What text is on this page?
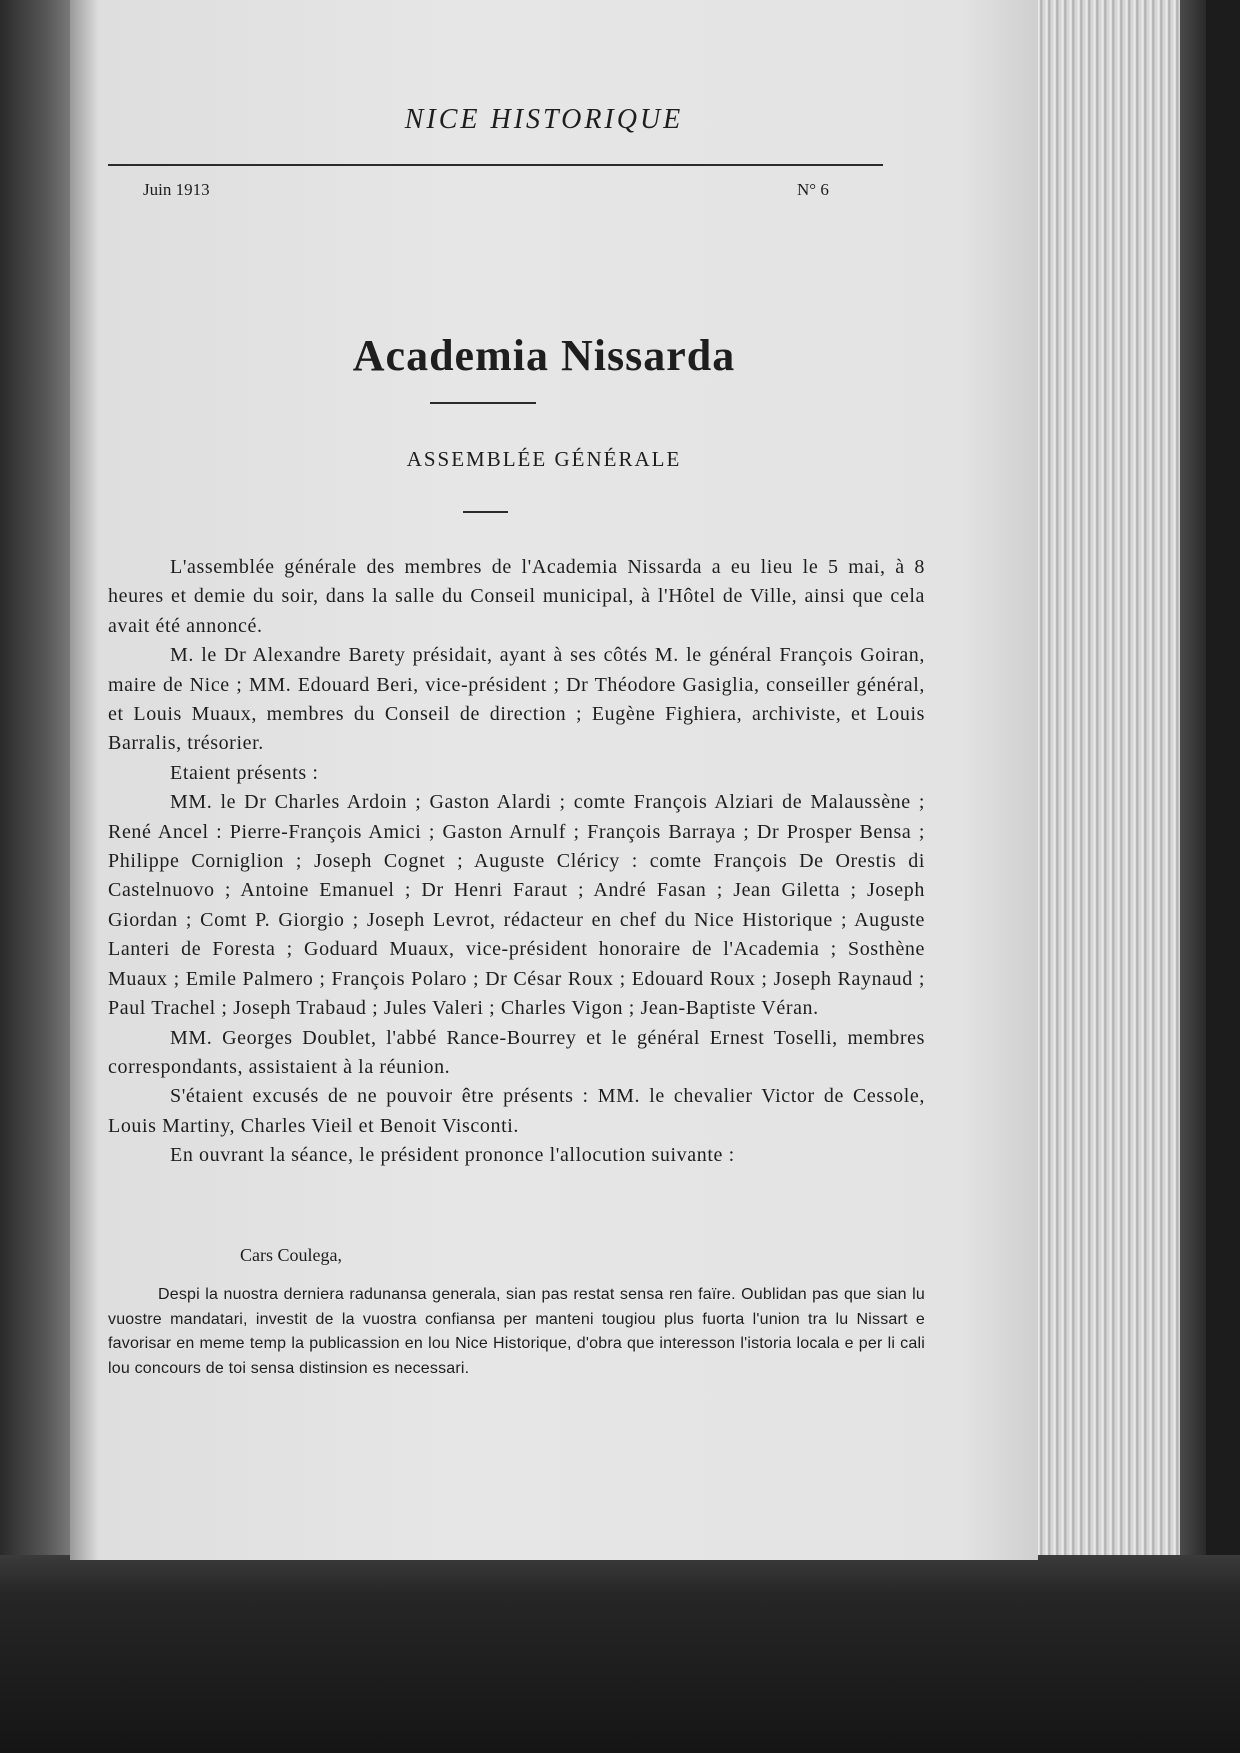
NICE HISTORIQUE
Juin 1913	N° 6
Academia Nissarda
ASSEMBLÉE GÉNÉRALE

L'assemblée générale des membres de l'Academia Nissarda a eu lieu le 5 mai, à 8 heures et demie du soir, dans la salle du Conseil municipal, à l'Hôtel de Ville, ainsi que cela avait été annoncé.

M. le Dr Alexandre Barety présidait, ayant à ses côtés M. le général François Goiran, maire de Nice ; MM. Edouard Beri, vice-président ; Dr Théodore Gasiglia, conseiller général, et Louis Muaux, membres du Conseil de direction ; Eugène Fighiera, archiviste, et Louis Barralis, trésorier.

Etaient présents :

MM. le Dr Charles Ardoin ; Gaston Alardi ; comte François Alziari de Malaussène ; René Ancel : Pierre-François Amici ; Gaston Arnulf ; François Barraya ; Dr Prosper Bensa ; Philippe Corniglion ; Joseph Cognet ; Auguste Cléricy : comte François De Orestis di Castelnuovo ; Antoine Emanuel ; Dr Henri Faraut ; André Fasan ; Jean Giletta ; Joseph Giordan ; Comt P. Giorgio ; Joseph Levrot, rédacteur en chef du Nice Historique ; Auguste Lanteri de Foresta ; Goduard Muaux, vice-président honoraire de l'Academia ; Sosthène Muaux ; Emile Palmero ; François Polaro ; Dr César Roux ; Edouard Roux ; Joseph Raynaud ; Paul Trachel ; Joseph Trabaud ; Jules Valeri ; Charles Vigon ; Jean-Baptiste Véran.

MM. Georges Doublet, l'abbé Rance-Bourrey et le général Ernest Toselli, membres correspondants, assistaient à la réunion.

S'étaient excusés de ne pouvoir être présents : MM. le chevalier Victor de Cessole, Louis Martiny, Charles Vieil et Benoit Visconti.

En ouvrant la séance, le président prononce l'allocution suivante :

Cars Coulega,

Despi la nuostra derniera radunansa generala, sian pas restat sensa ren faïre. Oublidan pas que sian lu vuostre mandatari, investit de la vuostra confiansa per manteni tougiou plus fuorta l'union tra lu Nissart e favorisar en meme temp la publicassion en lou Nice Historique, d'obra que interesson l'istoria locala e per li cali lou concours de toi sensa distinsion es necessari.
